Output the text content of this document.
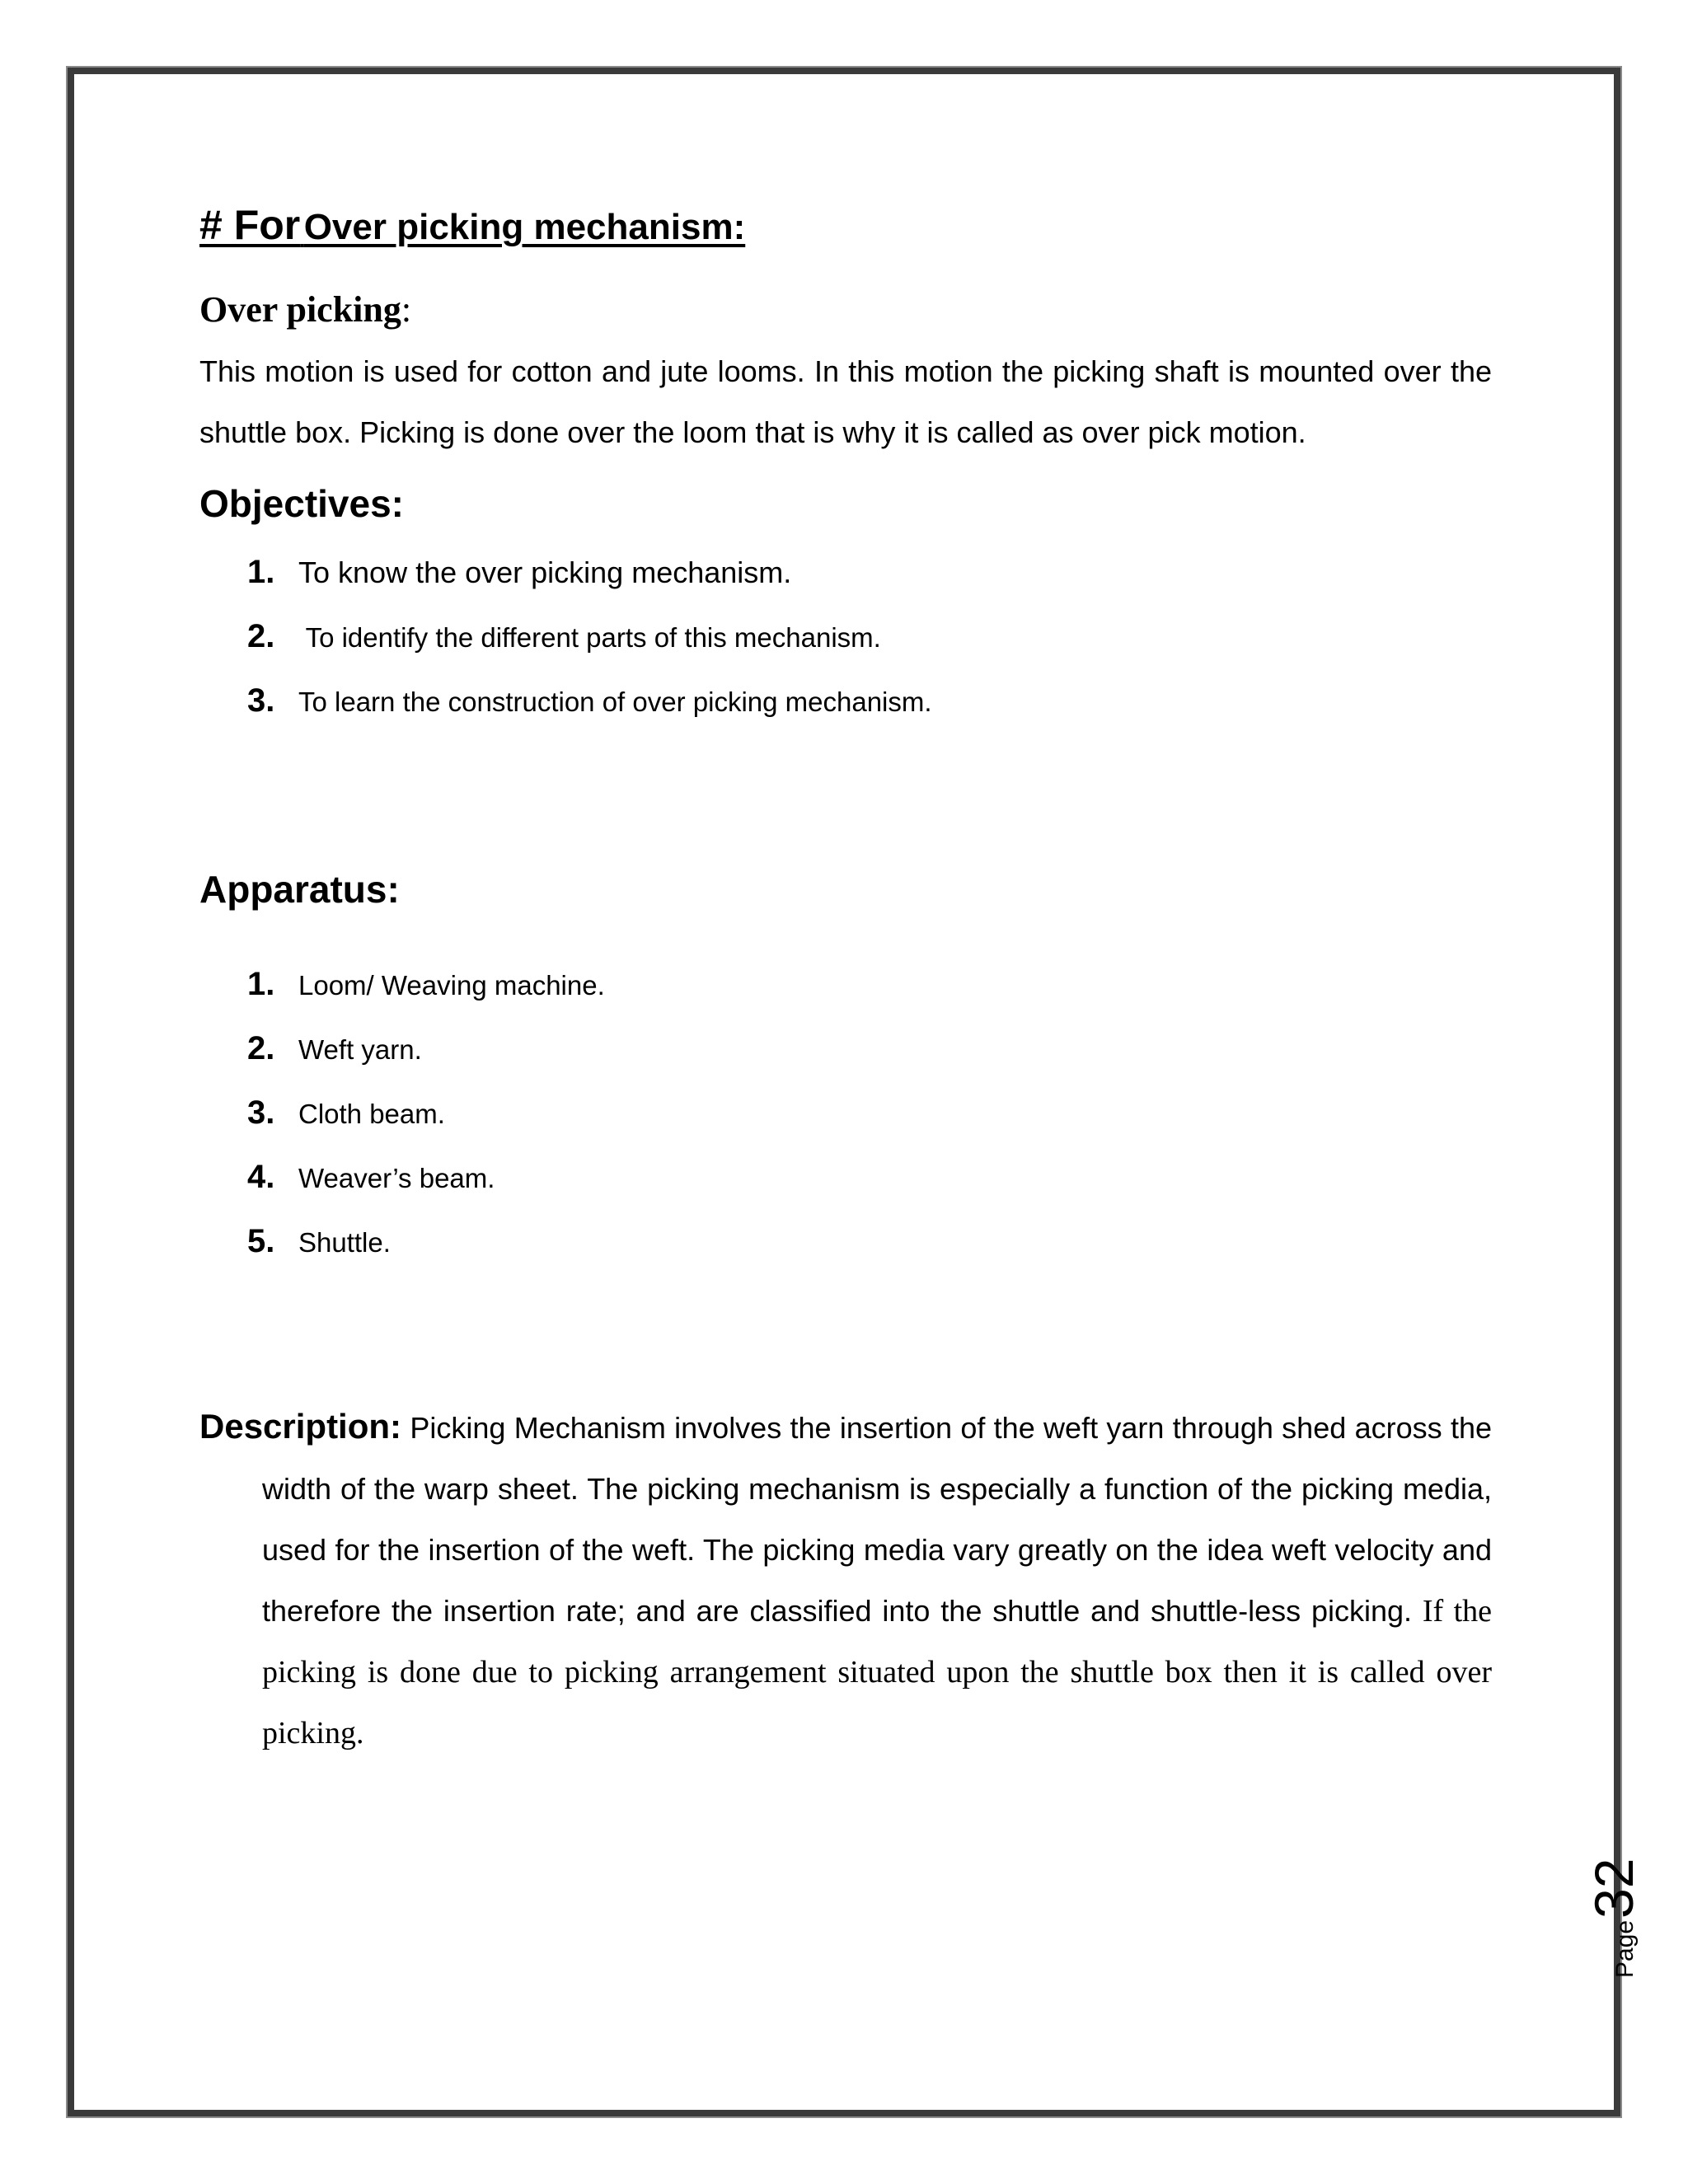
# For Over picking mechanism:
Over picking:

This motion is used for cotton and jute looms. In this motion the picking shaft is mounted over the shuttle box. Picking is done over the loom that is why it is called as over pick motion.

Objectives:
1. To know the over picking mechanism.
2. To identify the different parts of this mechanism.
3. To learn the construction of over picking mechanism.
Apparatus:
1. Loom/ Weaving machine.
2. Weft yarn.
3. Cloth beam.
4. Weaver’s beam.
5. Shuttle.

Description: Picking Mechanism involves the insertion of the weft yarn through shed across the width of the warp sheet. The picking mechanism is especially a function of the picking media, used for the insertion of the weft. The picking media vary greatly on the idea weft velocity and therefore the insertion rate; and are classified into the shuttle and shuttle-less picking. If the picking is done due to picking arrangement situated upon the shuttle box then it is called over picking.

Page
32
